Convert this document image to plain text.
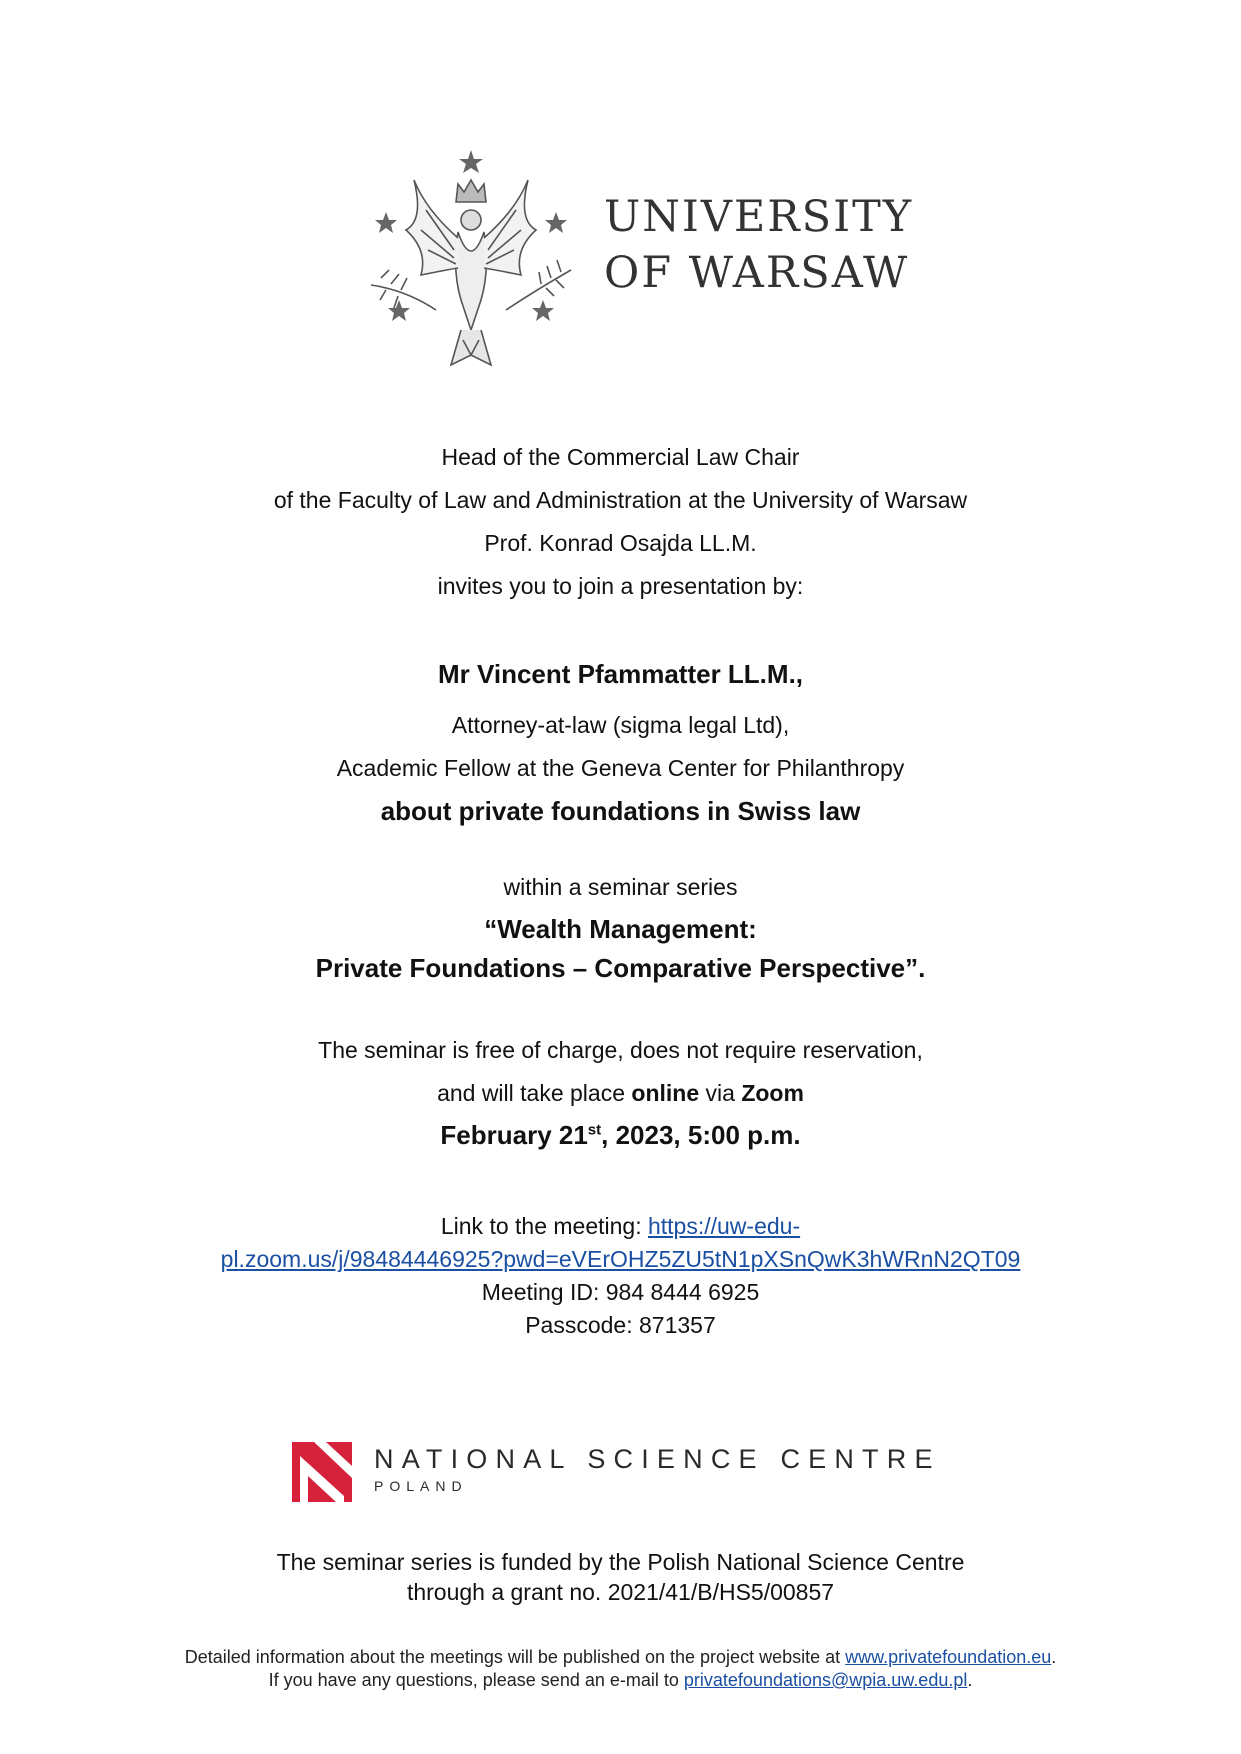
UNIVERSITY
OF WARSAW
Head of the Commercial Law Chair
of the Faculty of Law and Administration at the University of Warsaw
Prof. Konrad Osajda LL.M.
invites you to join a presentation by:
Mr Vincent Pfammatter LL.M.,
Attorney-at-law (sigma legal Ltd),
Academic Fellow at the Geneva Center for Philanthropy
about private foundations in Swiss law
within a seminar series
“Wealth Management:
Private Foundations – Comparative Perspective”.
The seminar is free of charge, does not require reservation,
and will take place online via Zoom
February 21st, 2023, 5:00 p.m.
Link to the meeting: https://uw-edu-
pl.zoom.us/j/98484446925?pwd=eVErOHZ5ZU5tN1pXSnQwK3hWRnN2QT09
Meeting ID: 984 8444 6925
Passcode: 871357
NATIONAL SCIENCE CENTRE
POLAND
The seminar series is funded by the Polish National Science Centre
through a grant no. 2021/41/B/HS5/00857
Detailed information about the meetings will be published on the project website at www.privatefoundation.eu.
If you have any questions, please send an e-mail to privatefoundations@wpia.uw.edu.pl.
